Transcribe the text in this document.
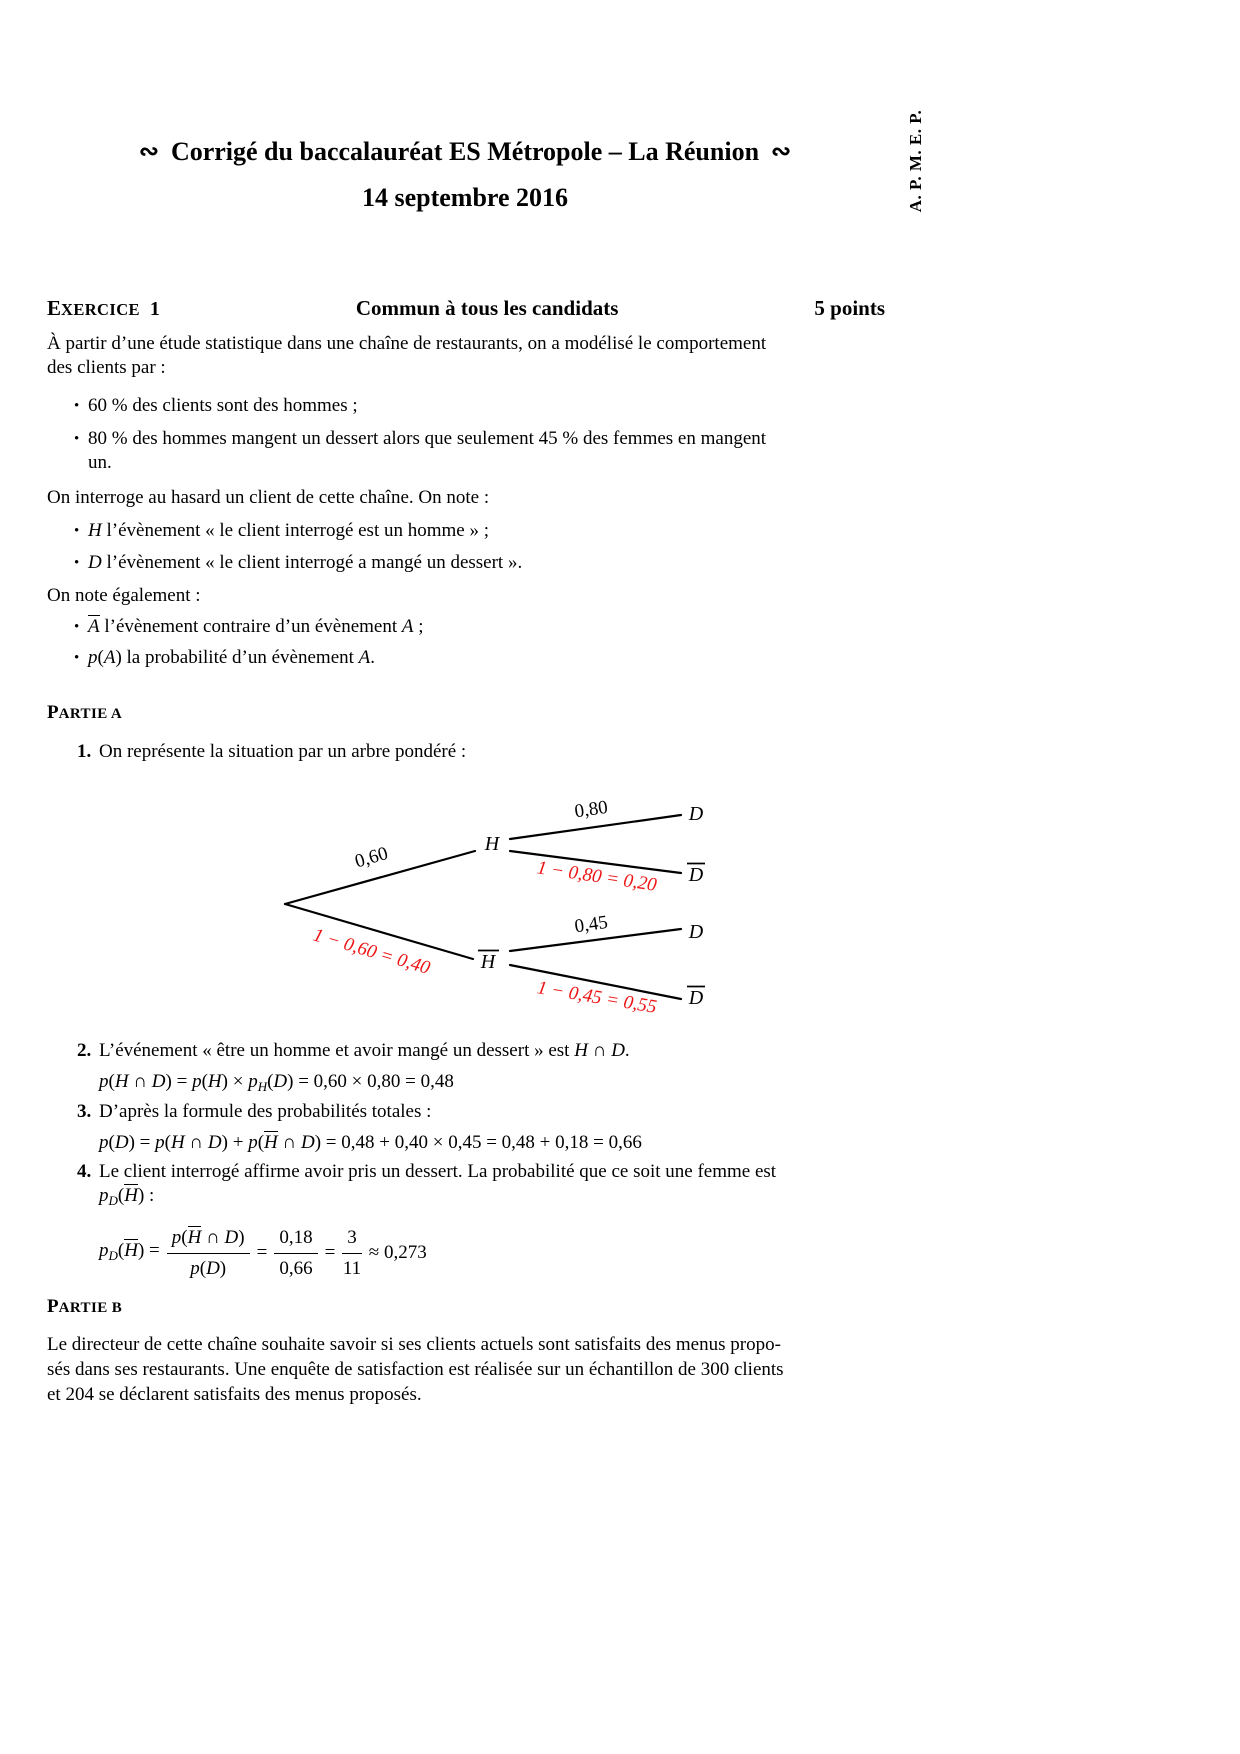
A. P. M. E. P.
∾ Corrigé du baccalauréat ES Métropole – La Réunion ∾
14 septembre 2016
EXERCICE 1	Commun à tous les candidats	5 points
À partir d’une étude statistique dans une chaîne de restaurants, on a modélisé le comportement
des clients par :
• 60 % des clients sont des hommes ;
• 80 % des hommes mangent un dessert alors que seulement 45 % des femmes en mangent
un.
On interroge au hasard un client de cette chaîne. On note :
• H l’évènement « le client interrogé est un homme » ;
• D l’évènement « le client interrogé a mangé un dessert ».
On note également :
• A l’évènement contraire d’un évènement A ;
• p(A) la probabilité d’un évènement A.
PARTIE A
1. On représente la situation par un arbre pondéré :
H
H
D
D
D
D
0,60
1 − 0,60 = 0,40
0,80
1 − 0,80 = 0,20
0,45
1 − 0,45 = 0,55
2. L’événement « être un homme et avoir mangé un dessert » est H ∩ D.
p(H ∩ $D) = p(H) \times p_H(D) = 0,60 \times 0,80 = 0,48$
3. D’après la formule des probabilités totales :
p(D) = p(H ∩ D) + p(H ∩ D) = 0,48 + 0,40 × 0,45 = 0,48 + 0,18 = 0,66
4. Le client interrogé affirme avoir pris un dessert. La probabilité que ce soit une femme est
$p_D(H)$ :
$p_D(H) = \frac{p(H \cap D)}{p(D)} = \frac{0,18}{0,66} = \frac{3}{11} \approx 0,273$
PARTIE B
Le directeur de cette chaîne souhaite savoir si ses clients actuels sont satisfaits des menus propo-
sés dans ses restaurants. Une enquête de satisfaction est réalisée sur un échantillon de 300 clients
et 204 se déclarent satisfaits des menus proposés.
